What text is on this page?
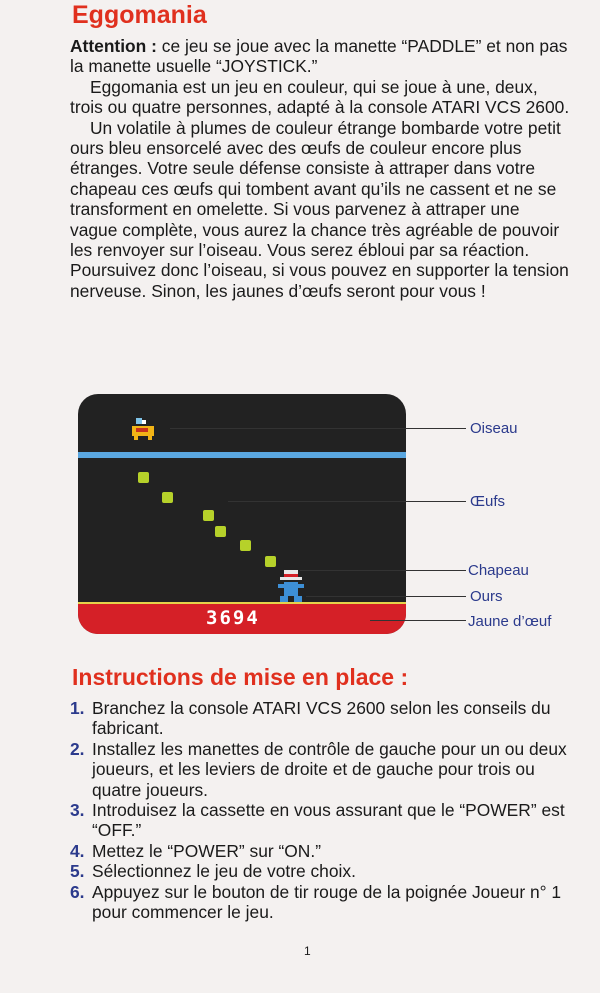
Eggomania

Attention : ce jeu se joue avec la manette “PADDLE” et non pas la manette usuelle “JOYSTICK.”

Eggomania est un jeu en couleur, qui se joue à une, deux, trois ou quatre personnes, adapté à la console ATARI VCS 2600.

Un volatile à plumes de couleur étrange bombarde votre petit ours bleu ensorcelé avec des œufs de couleur encore plus étranges. Votre seule défense consiste à attraper dans votre chapeau ces œufs qui tombent avant qu’ils ne cassent et ne se transforment en omelette. Si vous parvenez à attraper une vague complète, vous aurez la chance très agréable de pouvoir les renvoyer sur l’oiseau. Vous serez ébloui par sa réaction. Poursuivez donc l’oiseau, si vous pouvez en supporter la tension nerveuse. Sinon, les jaunes d’œufs seront pour vous !

3694
Oiseau
Œufs
Chapeau
Ours
Jaune d’œuf
Instructions de mise en place :
1. Branchez la console ATARI VCS 2600 selon les conseils du fabricant.
2. Installez les manettes de contrôle de gauche pour un ou deux joueurs, et les leviers de droite et de gauche pour trois ou quatre joueurs.
3. Introduisez la cassette en vous assurant que le “POWER” est “OFF.”
4. Mettez le “POWER” sur “ON.”
5. Sélectionnez le jeu de votre choix.
6. Appuyez sur le bouton de tir rouge de la poignée Joueur n° 1 pour commencer le jeu.
1
